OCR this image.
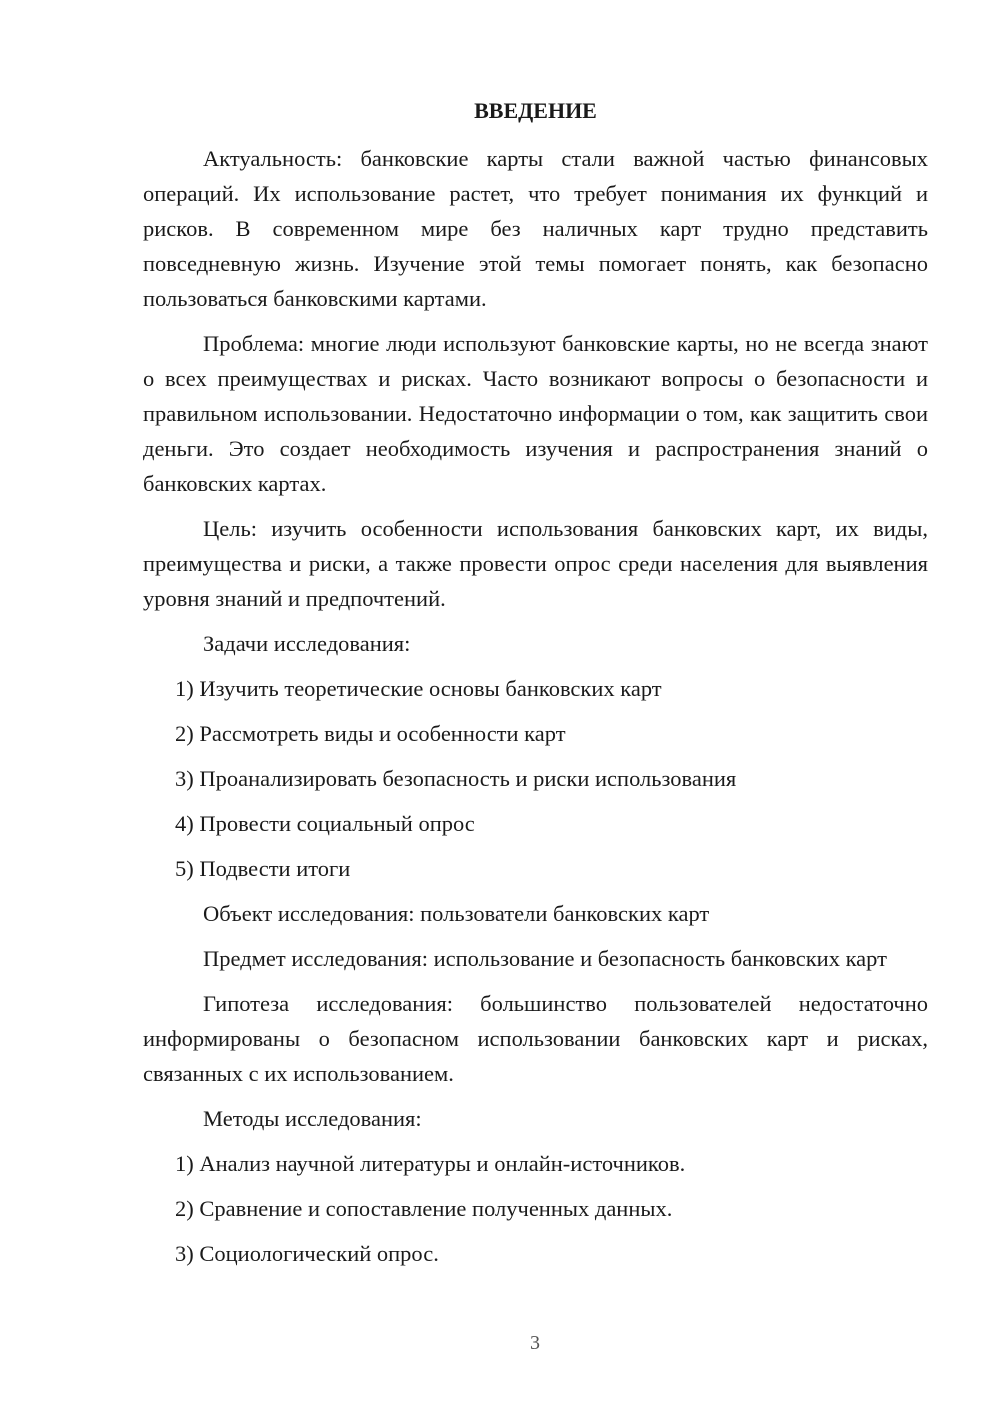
ВВЕДЕНИЕ

Актуальность: банковские карты стали важной частью финансовых операций. Их использование растет, что требует понимания их функций и рисков. В современном мире без наличных карт трудно представить повседневную жизнь. Изучение этой темы помогает понять, как безопасно пользоваться банковскими картами.

Проблема: многие люди используют банковские карты, но не всегда знают о всех преимуществах и рисках. Часто возникают вопросы о безопасности и правильном использовании. Недостаточно информации о том, как защитить свои деньги. Это создает необходимость изучения и распространения знаний о банковских картах.

Цель: изучить особенности использования банковских карт, их виды, преимущества и риски, а также провести опрос среди населения для выявления уровня знаний и предпочтений.

Задачи исследования:

1) Изучить теоретические основы банковских карт

2) Рассмотреть виды и особенности карт

3) Проанализировать безопасность и риски использования

4) Провести социальный опрос

5) Подвести итоги

Объект исследования: пользователи банковских карт

Предмет исследования: использование и безопасность банковских карт

Гипотеза исследования: большинство пользователей недостаточно информированы о безопасном использовании банковских карт и рисках, связанных с их использованием.

Методы исследования:

1) Анализ научной литературы и онлайн-источников.

2) Сравнение и сопоставление полученных данных.

3) Социологический опрос.

3
